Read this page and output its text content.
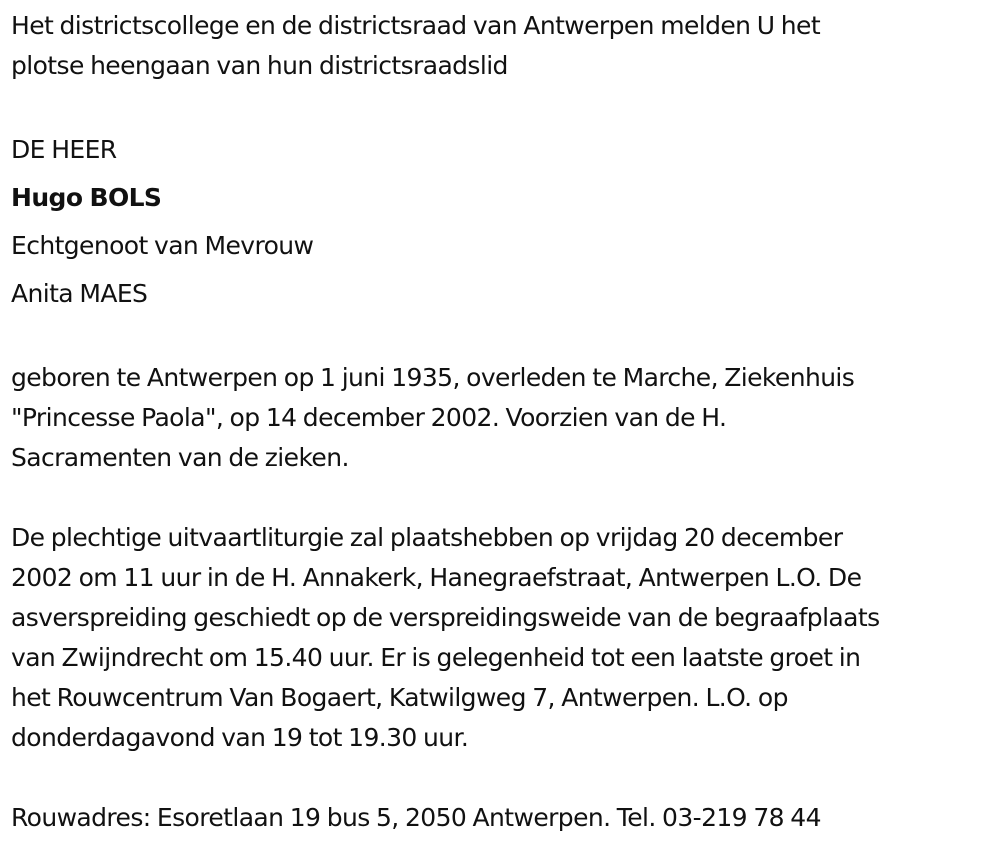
Het districtscollege en de districtsraad van Antwerpen melden U het
plotse heengaan van hun districtsraadslid

DE HEER
Hugo BOLS
Echtgenoot van Mevrouw
Anita MAES

geboren te Antwerpen op 1 juni 1935, overleden te Marche, Ziekenhuis
"Princesse Paola", op 14 december 2002. Voorzien van de H.
Sacramenten van de zieken.

De plechtige uitvaartliturgie zal plaatshebben op vrijdag 20 december
2002 om 11 uur in de H. Annakerk, Hanegraefstraat, Antwerpen L.O. De
asverspreiding geschiedt op de verspreidingsweide van de begraafplaats
van Zwijndrecht om 15.40 uur. Er is gelegenheid tot een laatste groet in
het Rouwcentrum Van Bogaert, Katwilgweg 7, Antwerpen. L.O. op
donderdagavond van 19 tot 19.30 uur.

Rouwadres: Esoretlaan 19 bus 5, 2050 Antwerpen. Tel. 03-219 78 44
